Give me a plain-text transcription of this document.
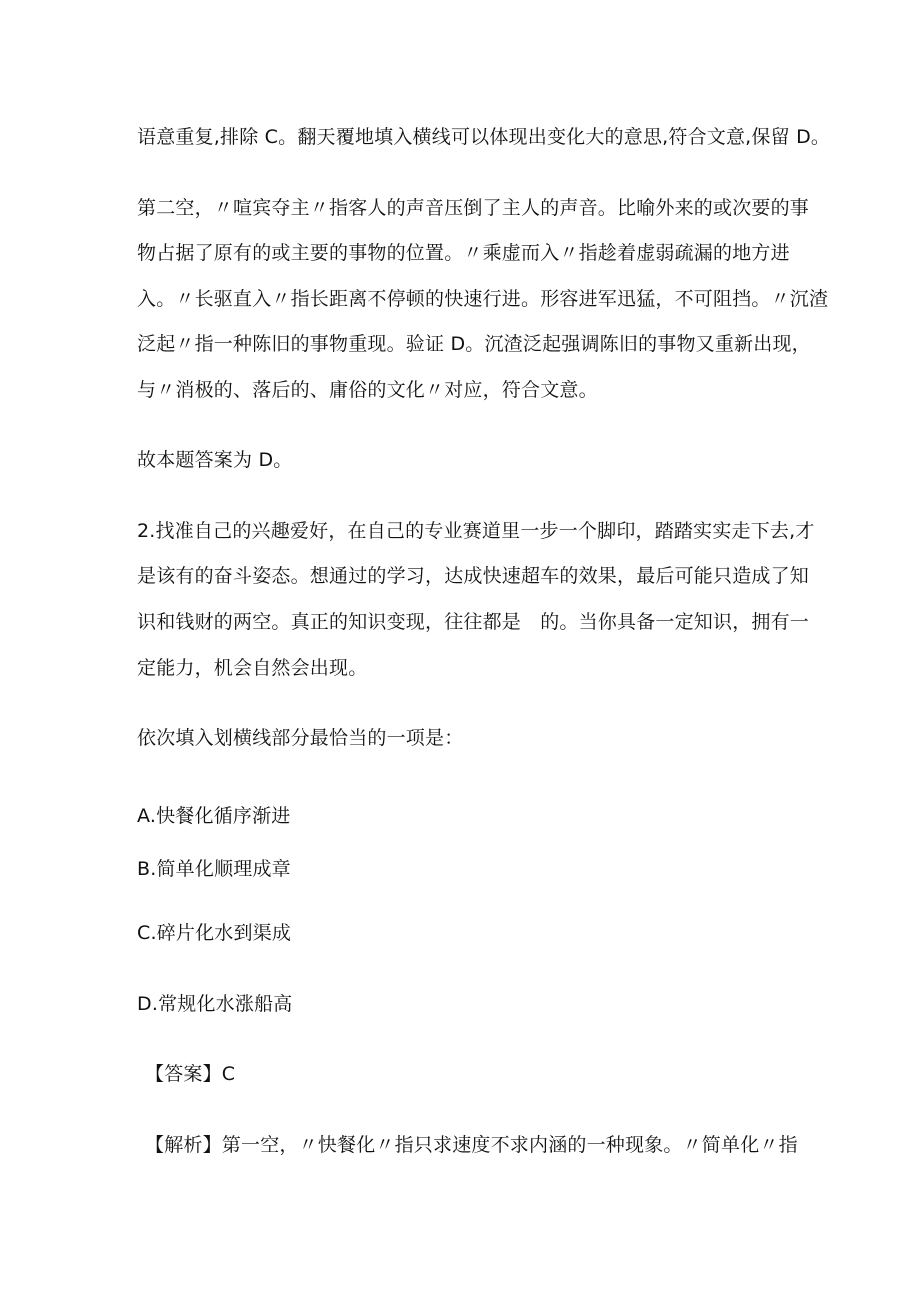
语意重复,排除 C。翻天覆地填入横线可以体现出变化大的意思,符合文意,保留 D。
第二空，〃喧宾夺主〃指客人的声音压倒了主人的声音。比喻外来的或次要的事
物占据了原有的或主要的事物的位置。〃乘虚而入〃指趁着虚弱疏漏的地方进
入。〃长驱直入〃指长距离不停顿的快速行进。形容进军迅猛，不可阻挡。〃沉渣
泛起〃指一种陈旧的事物重现。验证 D。沉渣泛起强调陈旧的事物又重新出现，
与〃消极的、落后的、庸俗的文化〃对应，符合文意。
故本题答案为 D。
2.找准自己的兴趣爱好，在自己的专业赛道里一步一个脚印，踏踏实实走下去,才
是该有的奋斗姿态。想通过的学习，达成快速超车的效果，最后可能只造成了知
识和钱财的两空。真正的知识变现，往往都是　的。当你具备一定知识，拥有一
定能力，机会自然会出现。
依次填入划横线部分最恰当的一项是：
A.快餐化循序渐进
B.简单化顺理成章
C.碎片化水到渠成
D.常规化水涨船高
【答案】C
【解析】第一空，〃快餐化〃指只求速度不求内涵的一种现象。〃简单化〃指
